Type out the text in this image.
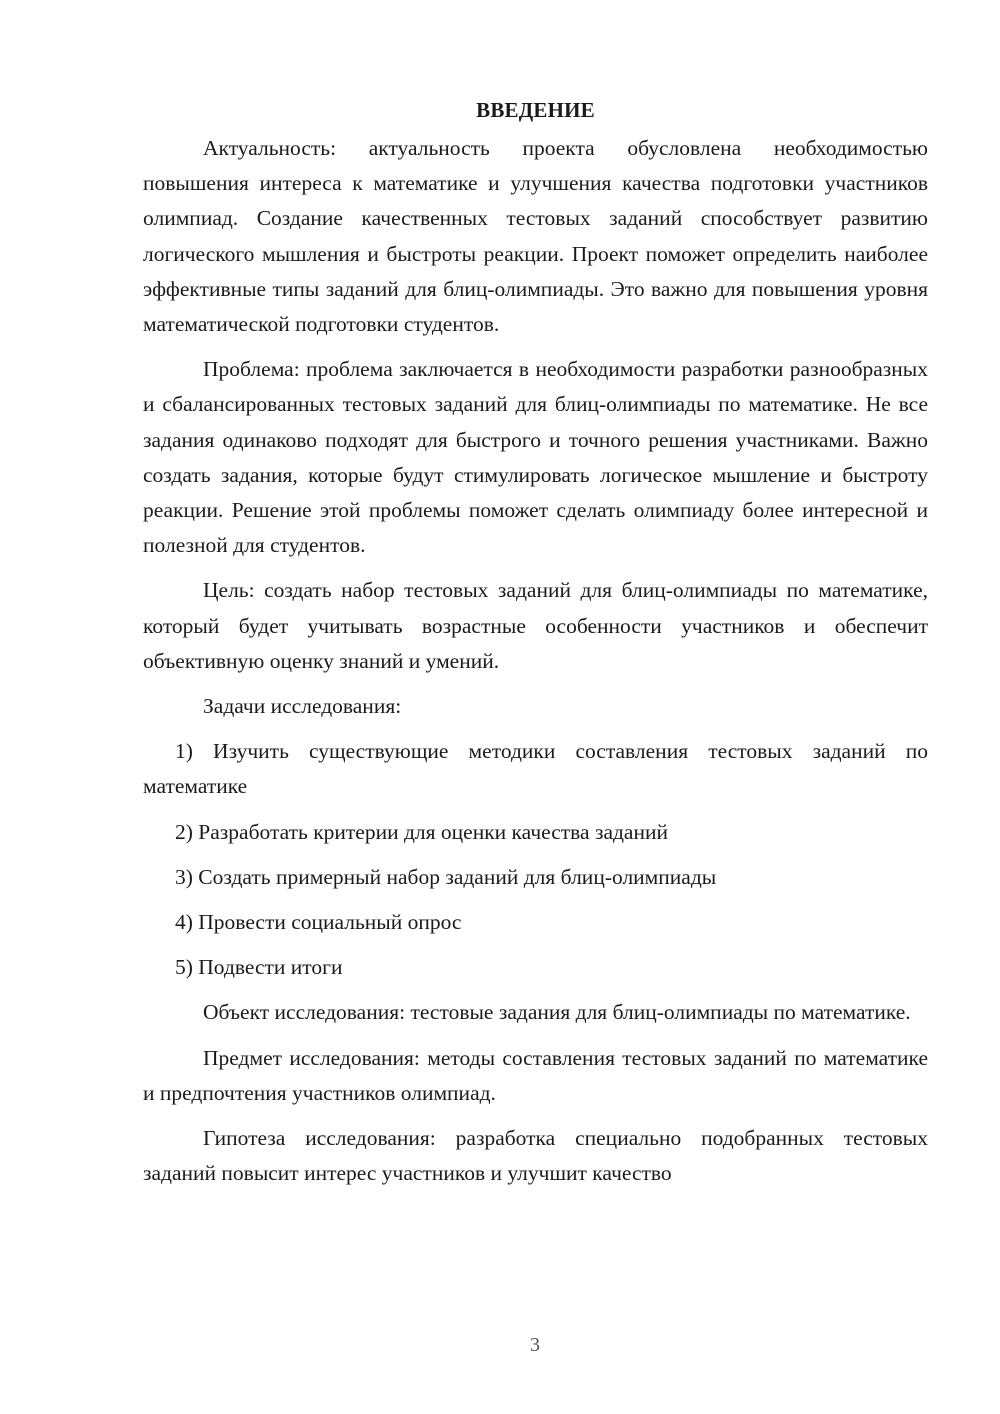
ВВЕДЕНИЕ

Актуальность: актуальность проекта обусловлена необходимостью повышения интереса к математике и улучшения качества подготовки участников олимпиад. Создание качественных тестовых заданий способствует развитию логического мышления и быстроты реакции. Проект поможет определить наиболее эффективные типы заданий для блиц-олимпиады. Это важно для повышения уровня математической подготовки студентов.

Проблема: проблема заключается в необходимости разработки разнообразных и сбалансированных тестовых заданий для блиц-олимпиады по математике. Не все задания одинаково подходят для быстрого и точного решения участниками. Важно создать задания, которые будут стимулировать логическое мышление и быстроту реакции. Решение этой проблемы поможет сделать олимпиаду более интересной и полезной для студентов.

Цель: создать набор тестовых заданий для блиц-олимпиады по математике, который будет учитывать возрастные особенности участников и обеспечит объективную оценку знаний и умений.

Задачи исследования:

1) Изучить существующие методики составления тестовых заданий по математике

2) Разработать критерии для оценки качества заданий

3) Создать примерный набор заданий для блиц-олимпиады

4) Провести социальный опрос

5) Подвести итоги

Объект исследования: тестовые задания для блиц-олимпиады по математике.

Предмет исследования: методы составления тестовых заданий по математике и предпочтения участников олимпиад.

Гипотеза исследования: разработка специально подобранных тестовых заданий повысит интерес участников и улучшит качество

3
